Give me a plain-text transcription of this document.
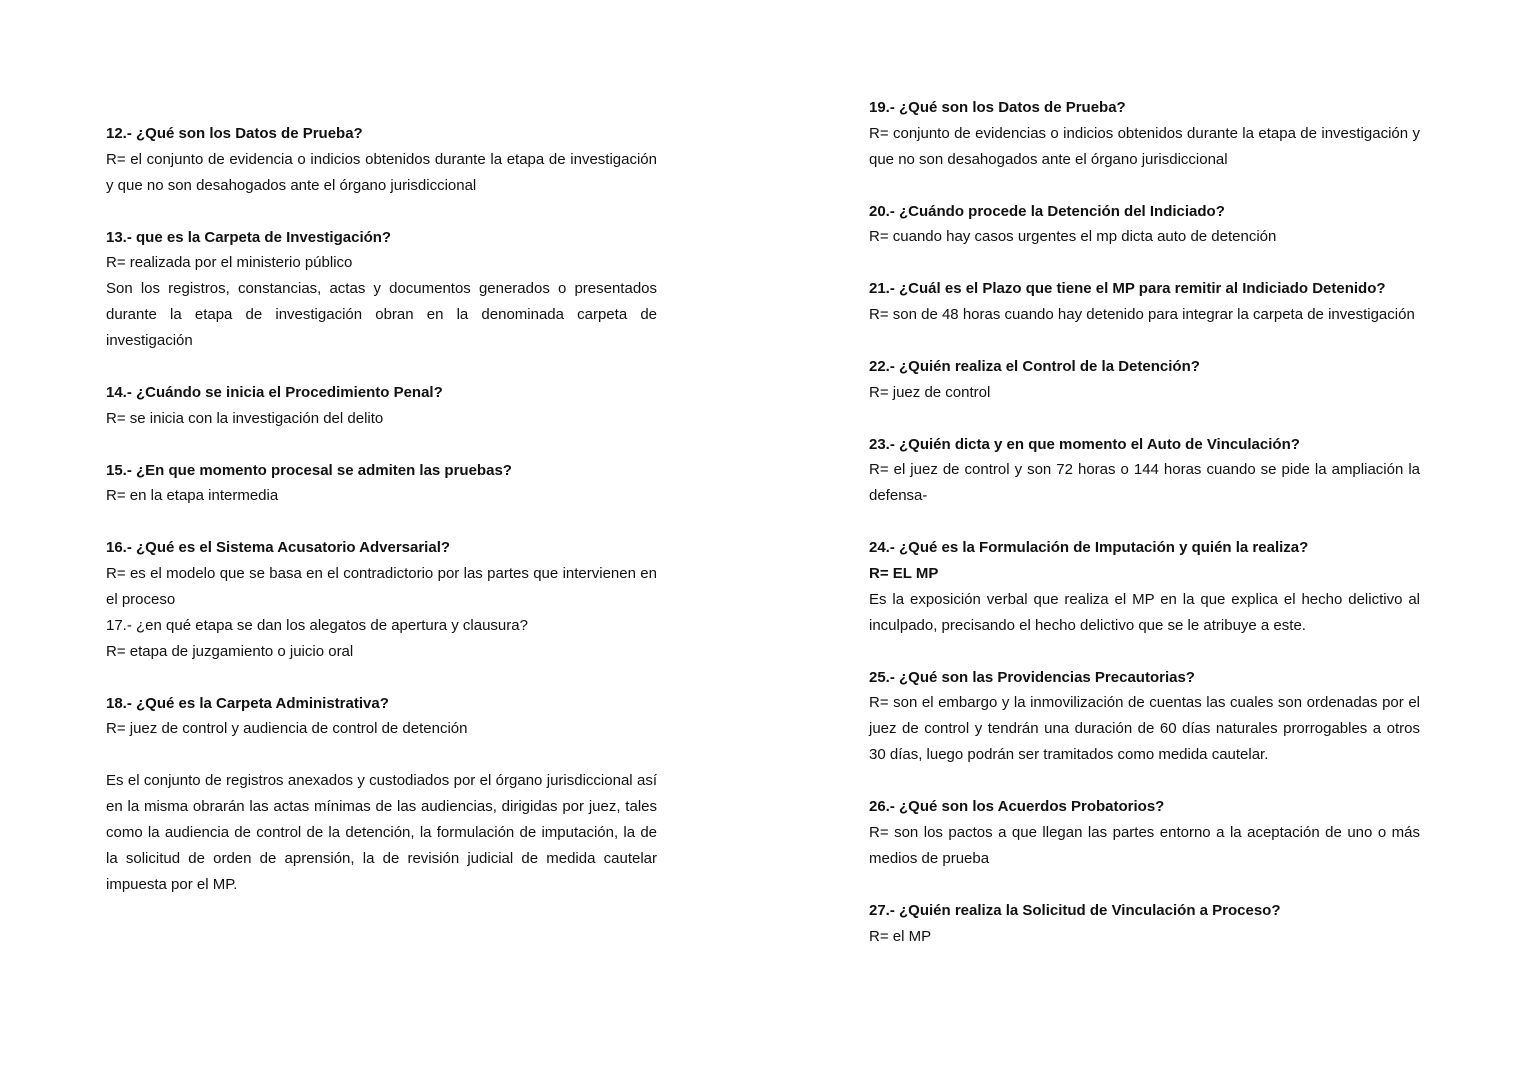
12.- ¿Qué son los Datos de Prueba?
R= el conjunto de evidencia o indicios obtenidos durante la etapa de investigación
y que no son desahogados ante el órgano jurisdiccional
13.- que es la Carpeta de Investigación?
R= realizada por el ministerio público
Son los registros, constancias, actas y documentos generados o presentados
durante la etapa de investigación obran en la denominada carpeta de investigación
14.- ¿Cuándo se inicia el Procedimiento Penal?
R= se inicia con la investigación del delito
15.- ¿En que momento procesal se admiten las pruebas?
R= en la etapa intermedia
16.- ¿Qué es el Sistema Acusatorio Adversarial?
R= es el modelo que se basa en el contradictorio por las partes que intervienen en
el proceso
17.- ¿en qué etapa se dan los alegatos de apertura y clausura?
R= etapa de juzgamiento o juicio oral
18.- ¿Qué es la Carpeta Administrativa?
R= juez de control y audiencia de control de detención
Es el conjunto de registros anexados y custodiados por el órgano jurisdiccional así
en la misma obrarán las actas mínimas de las audiencias, dirigidas por juez, tales
como la audiencia de control de la detención, la formulación de imputación, la de
la solicitud de orden de aprensión, la de revisión judicial de medida cautelar
impuesta por el MP.
19.- ¿Qué son los Datos de Prueba?
R= conjunto de evidencias o indicios obtenidos durante la etapa de investigación y
que no son desahogados ante el órgano jurisdiccional
20.- ¿Cuándo procede la Detención del Indiciado?
R= cuando hay casos urgentes el mp dicta auto de detención
21.- ¿Cuál es el Plazo que tiene el MP para remitir al Indiciado Detenido?
R= son de 48 horas cuando hay detenido para integrar la carpeta de investigación
22.- ¿Quién realiza el Control de la Detención?
R= juez de control
23.- ¿Quién dicta y en que momento el Auto de Vinculación?
R= el juez de control y son 72 horas o 144 horas cuando se pide la ampliación la
defensa-
24.- ¿Qué es la Formulación de Imputación y quién la realiza?
R= EL MP
Es la exposición verbal que realiza el MP en la que explica el hecho delictivo al
inculpado, precisando el hecho delictivo que se le atribuye a este.
25.- ¿Qué son las Providencias Precautorias?
R= son el embargo y la inmovilización de cuentas las cuales son ordenadas por el
juez de control y tendrán una duración de 60 días naturales prorrogables a otros
30 días, luego podrán ser tramitados como medida cautelar.
26.- ¿Qué son los Acuerdos Probatorios?
R= son los pactos a que llegan las partes entorno a la aceptación de uno o más
medios de prueba
27.- ¿Quién realiza la Solicitud de Vinculación a Proceso?
R= el MP
